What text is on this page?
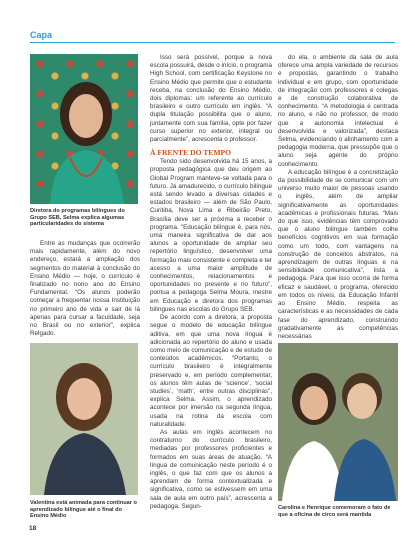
Capa
Diretora do programas bilíngues do Grupo SEB, Selma explica algumas particularidades do sistema

Entre as mudanças que ocorrerão mais rapidamente, além do novo endereço, estará a ampliação dos segmentos do material à conclusão do Ensino Médio — hoje, o currículo é finalizado no nono ano do Ensino Fundamental. “Os alunos poderão começar a frequentar nossa Instituição no primeiro ano de vida e sair de lá apenas para cursar a faculdade, seja no Brasil ou no exterior”, explica Relgado.

Valentina está animada para continuar o aprendizado bilíngue até o final do Ensino Médio

Isso será possível, porque a nova escola possuirá, desde o início, o programa High School, com certificação Keystone no Ensino Médio que permite que o estudante receba, na conclusão do Ensino Médio, dois diplomas: um referente ao currículo brasileiro e outro currículo em inglês. “A dupla titulação possibilita que o aluno, juntamente com sua família, opte por fazer curso superior no exterior, integral ou parcialmente”, acrescenta o professor.

À FRENTE DO TEMPO

Tendo sido desenvolvida há 15 anos, a proposta pedagógica que deu origem ao Global Program manteve-se voltada para o futuro. Já amadurecido, o currículo bilíngue está sendo levado a diversas cidades e estados brasileiro — além de São Paulo, Curitiba, Nova Lima e Ribeirão Preto, Brasília deve ser a próxima a receber o programa. “Educação bilíngue é, para nós, uma maneira significativa de dar aos alunos a oportunidade de ampliar seu repertório linguístico, desenvolver uma formação mais consistente e completa e ter acesso a uma maior amplitude de conhecimentos, relacionamentos e oportunidades no presente e no futuro”, pontua a pedagoga Selma Moura, mestre em Educação e diretora dos programas bilíngues nas escolas do Grupo SEB.

De acordo com a diretora, a proposta segue o modelo de educação bilíngue aditiva, em que uma nova língua é adicionada ao repertório do aluno e usada como meio de comunicação e de estudo de conteúdos acadêmicos. “Portanto, o currículo brasileiro é integralmente preservado e, em período complementar, os alunos têm aulas de ‘science’, ‘social studies’, ‘math’, entre outras disciplinas”, explica Selma. Assim, o aprendizado acontece por imersão na segunda língua, usada na rotina da escola com naturalidade.

As aulas em inglês acontecem no contraturno do currículo brasileiro, mediadas por professores proficientes e formados em suas áreas de atuação. “A língua de comunicação neste período é o inglês, o que faz com que os alunos a aprendam de forma contextualizada e significativa, como se estivessem em uma sala de aula em outro país”, acrescenta a pedagoga. Segun-

do ela, o ambiente da sala de aula oferece uma ampla variedade de recursos e propostas, garantindo o trabalho individual e em grupo, com oportunidade de integração com professores e colegas e de construção colaborativa de conhecimento. “A metodologia é centrada no aluno, e não no professor, de modo que a autonomia intelectual é desenvolvida e valorizada”, destaca Selma, evidenciando o alinhamento com a pedagogia moderna, que pressupõe que o aluno seja agente do próprio conhecimento.

A educação bilíngue é a concretização da possibilidade de se comunicar com um universo muito maior de pessoas usando o inglês, além de ampliar significativamente as oportunidades acadêmicas e profissionais futuras. “Mais do que isso, evidências têm comprovado que o aluno bilíngue também colhe benefícios cognitivos em sua formação como um todo, com vantagens na construção de conceitos abstratos, na aprendizagem de outras línguas e na sensibilidade comunicativa”, lista a pedagoga. Para que isso ocorra de forma eficaz e saudável, o programa, oferecido em todos os níveis, da Educação Infantil ao Ensino Médio, respeita as características e as necessidades de cada fase do aprendizado, construindo gradativamente as competências necessárias

Carolina e Henrique comemoram o fato de que a oficina de circo será mantida
18
